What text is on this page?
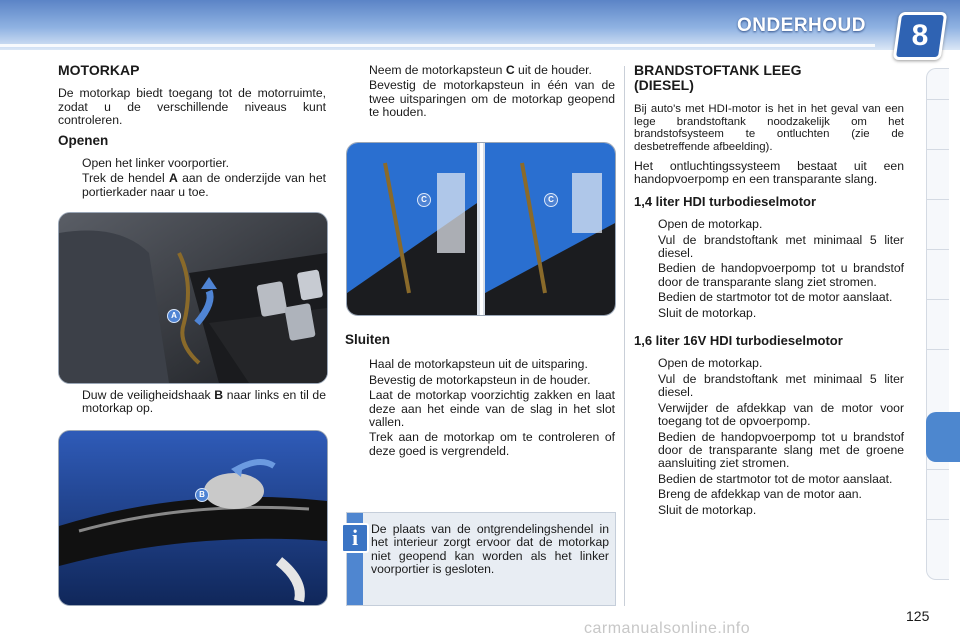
ONDERHOUD	8
MOTORKAP

De motorkap biedt toegang tot de motorruimte, zodat u de verschillende niveaus kunt controleren.

Openen
Open het linker voorportier.
Trek de hendel A aan de onderzijde van het portierkader naar u toe.
A
Duw de veiligheidshaak B naar links en til de motorkap op.
B
Neem de motorkapsteun C uit de houder.
Bevestig de motorkapsteun in één van de twee uitsparingen om de motorkap geopend te houden.
C	C
Sluiten
Haal de motorkapsteun uit de uitsparing.
Bevestig de motorkapsteun in de houder.
Laat de motorkap voorzichtig zakken en laat deze aan het einde van de slag in het slot vallen.
Trek aan de motorkap om te controleren of deze goed is vergrendeld.
i	De plaats van de ontgrendelingshendel in het interieur zorgt ervoor dat de motorkap niet geopend kan worden als het linker voorportier is gesloten.
BRANDSTOFTANK LEEG
(DIESEL)

Bij auto's met HDI-motor is het in het geval van een lege brandstoftank noodzakelijk om het brandstofsysteem te ontluchten (zie de desbetreffende afbeelding).

Het ontluchtingssysteem bestaat uit een handopvoerpomp en een transparante slang.

1,4 liter HDI turbodieselmotor
Open de motorkap.
Vul de brandstoftank met minimaal 5 liter diesel.
Bedien de handopvoerpomp tot u brandstof door de transparante slang ziet stromen.
Bedien de startmotor tot de motor aanslaat.
Sluit de motorkap.
1,6 liter 16V HDI turbodieselmotor
Open de motorkap.
Vul de brandstoftank met minimaal 5 liter diesel.
Verwijder de afdekkap van de motor voor toegang tot de opvoerpomp.
Bedien de handopvoerpomp tot u brandstof door de transparante slang met de groene aansluiting ziet stromen.
Bedien de startmotor tot de motor aanslaat.
Breng de afdekkap van de motor aan.
Sluit de motorkap.
125
carmanualsonline.info
